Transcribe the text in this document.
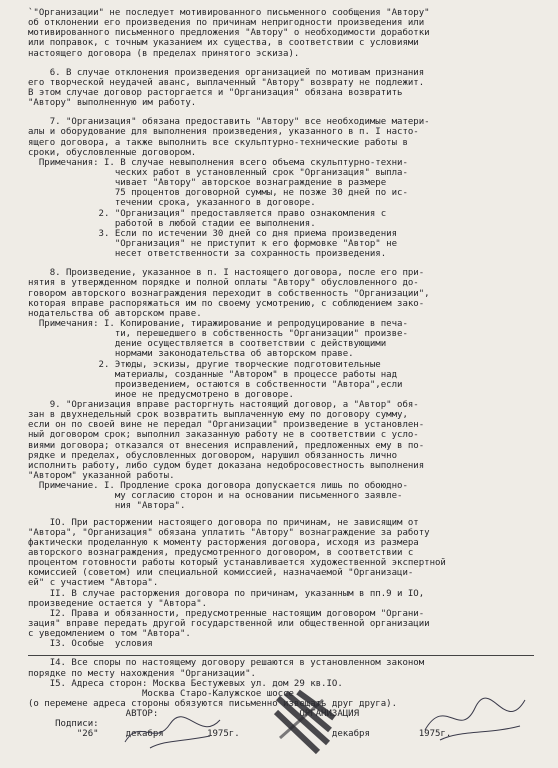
`"Организации" не последует мотивированного письменного сообщения "Автору"
об отклонении его произведения по причинам непригодности произведения или
мотивированного письменного предложения "Автору" о необходимости доработки
или поправок, с точным указанием их существа, в соответствии с условиями
настоящего договора (в пределах принятого эскиза).
6. В случае отклонения произведения организацией по мотивам признания
его творческой неудачей аванс, выплаченный "Автору" возврату не подлежит.
В этом случае договор расторгается и "Организация" обязана возвратить
"Автору" выполненную им работу.
7. "Организация" обязана предоставить "Автору" все необходимые матери-
алы и оборудование для выполнения произведения, указанного в п. I насто-
ящего договора, а также выполнить все скульптурно-технические работы в
сроки, обусловленные договором.
Примечания: I. В случае невыполнения всего объема скульптурно-техни-
ческих работ в установленный срок "Организация" выпла-
чивает "Автору" авторское вознаграждение в размере
75 процентов договорной суммы, не позже 30 дней по ис-
течении срока, указанного в договоре.
2. "Организация" предоставляется право ознакомления с
работой в любой стадии ее выполнения.
3. Если по истечении 30 дней со дня приема произведения
"Организация" не приступит к его формовке "Автор" не
несет ответственности за сохранность произведения.
8. Произведение, указанное в п. I настоящего договора, после его при-
нятия в утвержденном порядке и полной оплаты "Автору" обусловленного до-
говором авторского вознаграждения переходит в собственность "Организации",
которая вправе распоряжаться им по своему усмотрению, с соблюдением зако-
нодательства об авторском праве.
Примечания: I. Копирование, тиражирование и репродуцирование в печа-
ти, перешедшего в собственность "Организации" произве-
дение осуществляется в соответствии с действующими
нормами законодательства об авторском праве.
2. Этюды, эскизы, другие творческие подготовительные
материалы, созданные "Автором" в процессе работы над
произведением, остаются в собственности "Автора",если
иное не предусмотрено в договоре.
9. "Организация вправе расторгнуть настоящий договор, а "Автор" обя-
зан в двухнедельный срок возвратить выплаченную ему по договору сумму,
если он по своей вине не передал "Организации" произведение в установлен-
ный договором срок; выполнил заказанную работу не в соответствии с усло-
виями договора; отказался от внесения исправлений, предложенных ему в по-
рядке и пределах, обусловленных договором, нарушил обязанность лично
исполнить работу, либо судом будет доказана недобросовестность выполнения
"Автором" указанной работы.
Примечание. I. Продление срока договора допускается лишь по обоюдно-
му согласию сторон и на основании письменного заявле-
ния "Автора".
IO. При расторжении настоящего договора по причинам, не зависящим от
"Автора", "Организация" обязана уплатить "Автору" вознаграждение за работу
фактически проделанную к моменту расторжения договора, исходя из размера
авторского вознаграждения, предусмотренного договором, в соответствии с
процентом готовности работы который устанавливается художественной экспертной
комиссией (советом) или специальной комиссией, назначаемой "Организаци-
ей" с участием "Автора".
II. В случае расторжения договора по причинам, указанным в пп.9 и IO,
произведение остается у "Автора".
I2. Права и обязанности, предусмотренные настоящим договором "Органи-
зация" вправе передать другой государственной или общественной организации
с уведомлением о том "Автора".
I3. Особые  условия
I4. Все споры по настоящему договору решаются в установленном законом
порядке по месту нахождения "Организации".
I5. Адреса сторон: Москва Бестужевых ул. дом 29 кв.IO.
Москва Старо-Калужское шоссе
(о перемене адреса стороны обязуются письменно извещать друг друга).
АВТОР:                          ОРГАНИЗАЦИЯ
Подписи:
"26"     декабря        1975г.                 декабря         1975г.
